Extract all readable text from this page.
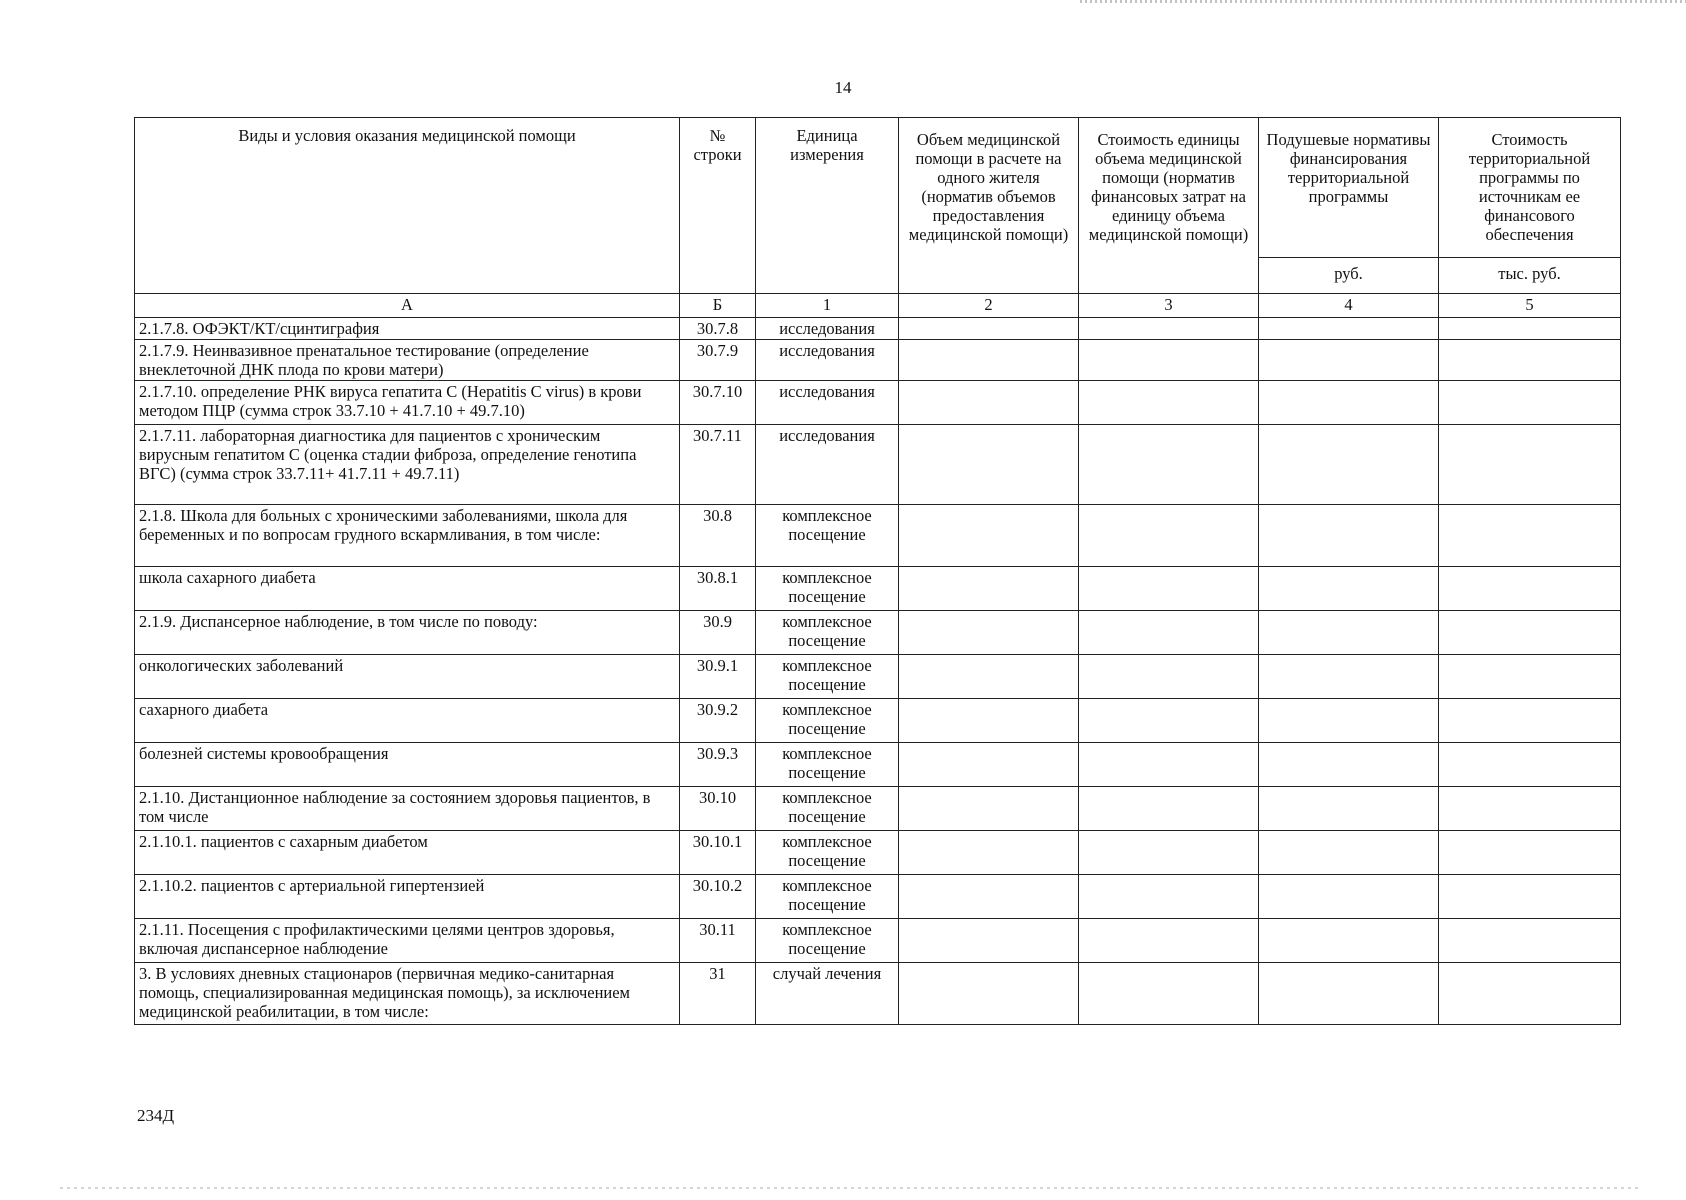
14
Виды и условия оказания медицинской помощи	№ строки	Единица измерения	Объем медицинской помощи в расчете на одного жителя (норматив объемов предоставления медицинской помощи)	Стоимость единицы объема медицинской помощи (норматив финансовых затрат на единицу объема медицинской помощи)	Подушевые нормативы финансирования территориальной программы	Стоимость территориальной программы по источникам ее финансового обеспечения
					руб.	тыс. руб.
А	Б	1	2	3	4	5
2.1.7.8. ОФЭКТ/КТ/сцинтиграфия	30.7.8	исследования				
2.1.7.9. Неинвазивное пренатальное тестирование (определение внеклеточной ДНК плода по крови матери)	30.7.9	исследования				
2.1.7.10. определение РНК вируса гепатита С (Hepatitis C virus) в крови методом ПЦР (сумма строк 33.7.10 + 41.7.10 + 49.7.10)	30.7.10	исследования				
2.1.7.11. лабораторная диагностика для пациентов с хроническим вирусным гепатитом С (оценка стадии фиброза, определение генотипа ВГС) (сумма строк 33.7.11+ 41.7.11 + 49.7.11)	30.7.11	исследования				
2.1.8. Школа для больных с хроническими заболеваниями, школа для беременных и по вопросам грудного вскармливания, в том числе:	30.8	комплексное посещение				
школа сахарного диабета	30.8.1	комплексное посещение				
2.1.9. Диспансерное наблюдение, в том числе по поводу:	30.9	комплексное посещение				
онкологических заболеваний	30.9.1	комплексное посещение				
сахарного диабета	30.9.2	комплексное посещение				
болезней системы кровообращения	30.9.3	комплексное посещение				
2.1.10. Дистанционное наблюдение за состоянием здоровья пациентов, в том числе	30.10	комплексное посещение				
2.1.10.1. пациентов с сахарным диабетом	30.10.1	комплексное посещение				
2.1.10.2. пациентов с артериальной гипертензией	30.10.2	комплексное посещение				
2.1.11. Посещения с профилактическими целями центров здоровья, включая диспансерное наблюдение	30.11	комплексное посещение				
3. В условиях дневных стационаров (первичная медико-санитарная помощь, специализированная медицинская помощь), за исключением медицинской реабилитации, в том числе:	31	случай лечения				
234Д
